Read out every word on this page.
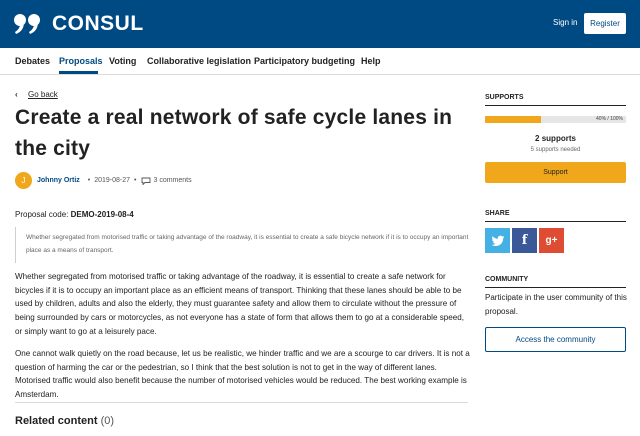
CONSUL	Sign in	Register
Debates Proposals Voting Collaborative legislation Participatory budgeting Help
‹ Go back
Create a real network of safe cycle lanes in the city
J	Johnny Ortiz • 2019-08-27 • 3 comments
Proposal code: DEMO-2019-08-4
Whether segregated from motorised traffic or taking advantage of the roadway, it is essential to create a safe bicycle network if it is to occupy an important place as a means of transport.

Whether segregated from motorised traffic or taking advantage of the roadway, it is essential to create a safe network for bicycles if it is to occupy an important place as an efficient means of transport. Thinking that these lanes should be able to be used by children, adults and also the elderly, they must guarantee safety and allow them to circulate without the pressure of being surrounded by cars or motorcycles, as not everyone has a state of form that allows them to go at a considerable speed, or simply want to go at a leisurely pace.

One cannot walk quietly on the road because, let us be realistic, we hinder traffic and we are a scourge to car drivers. It is not a question of harming the car or the pedestrian, so I think that the best solution is not to get in the way of different lanes. Motorised traffic would also benefit because the number of motorised vehicles would be reduced. The best working example is Amsterdam.

Related content (0)
SUPPORTS
40% / 100%
2 supports
5 supports needed
Support
SHARE
f	g+
COMMUNITY
Participate in the user community of this proposal.
Access the community
